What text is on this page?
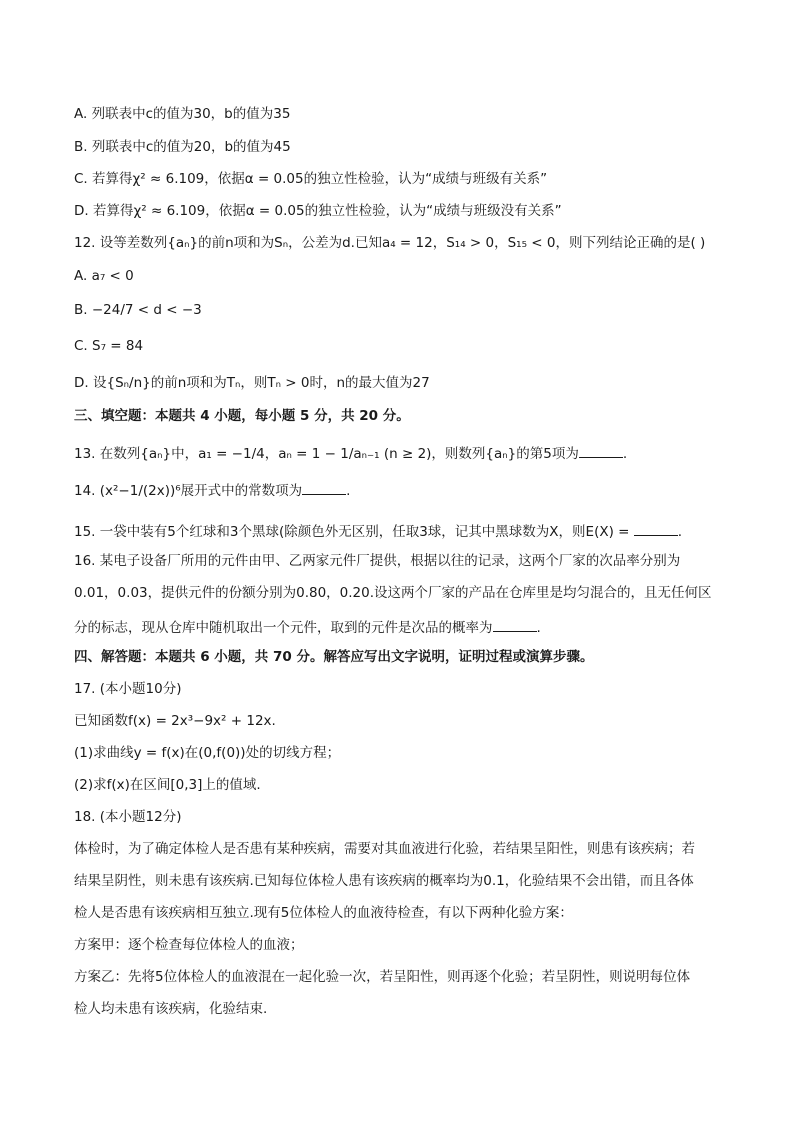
A. 列联表中c的值为30，b的值为35
B. 列联表中c的值为20，b的值为45
C. 若算得χ² ≈ 6.109，依据α = 0.05的独立性检验，认为“成绩与班级有关系”
D. 若算得χ² ≈ 6.109，依据α = 0.05的独立性检验，认为“成绩与班级没有关系”
12. 设等差数列{aₙ}的前n项和为Sₙ，公差为d.已知a₄ = 12，S₁₄ > 0，S₁₅ < 0，则下列结论正确的是( )
A. a₇ < 0
B. −24/7 < d < −3
C. S₇ = 84
D. 设{Sₙ/n}的前n项和为Tₙ，则Tₙ > 0时，n的最大值为27
三、填空题：本题共 4 小题，每小题 5 分，共 20 分。
13. 在数列{aₙ}中，a₁ = −1/4，aₙ = 1 − 1/aₙ₋₁ (n ≥ 2)，则数列{aₙ}的第5项为	.
14. (x²−1/(2x))⁶展开式中的常数项为	.
15. 一袋中装有5个红球和3个黑球(除颜色外无区别，任取3球，记其中黑球数为X，则E(X) =	.
16. 某电子设备厂所用的元件由甲、乙两家元件厂提供，根据以往的记录，这两个厂家的次品率分别为
0.01，0.03，提供元件的份额分别为0.80，0.20.设这两个厂家的产品在仓库里是均匀混合的，且无任何区
分的标志，现从仓库中随机取出一个元件，取到的元件是次品的概率为	.
四、解答题：本题共 6 小题，共 70 分。解答应写出文字说明，证明过程或演算步骤。
17. (本小题10分)
已知函数f(x) = 2x³−9x² + 12x.
(1)求曲线y = f(x)在(0,f(0))处的切线方程；
(2)求f(x)在区间[0,3]上的值域.
18. (本小题12分)
体检时，为了确定体检人是否患有某种疾病，需要对其血液进行化验，若结果呈阳性，则患有该疾病；若
结果呈阴性，则未患有该疾病.已知每位体检人患有该疾病的概率均为0.1，化验结果不会出错，而且各体
检人是否患有该疾病相互独立.现有5位体检人的血液待检查，有以下两种化验方案：
方案甲：逐个检查每位体检人的血液；
方案乙：先将5位体检人的血液混在一起化验一次，若呈阳性，则再逐个化验；若呈阴性，则说明每位体
检人均未患有该疾病，化验结束.
